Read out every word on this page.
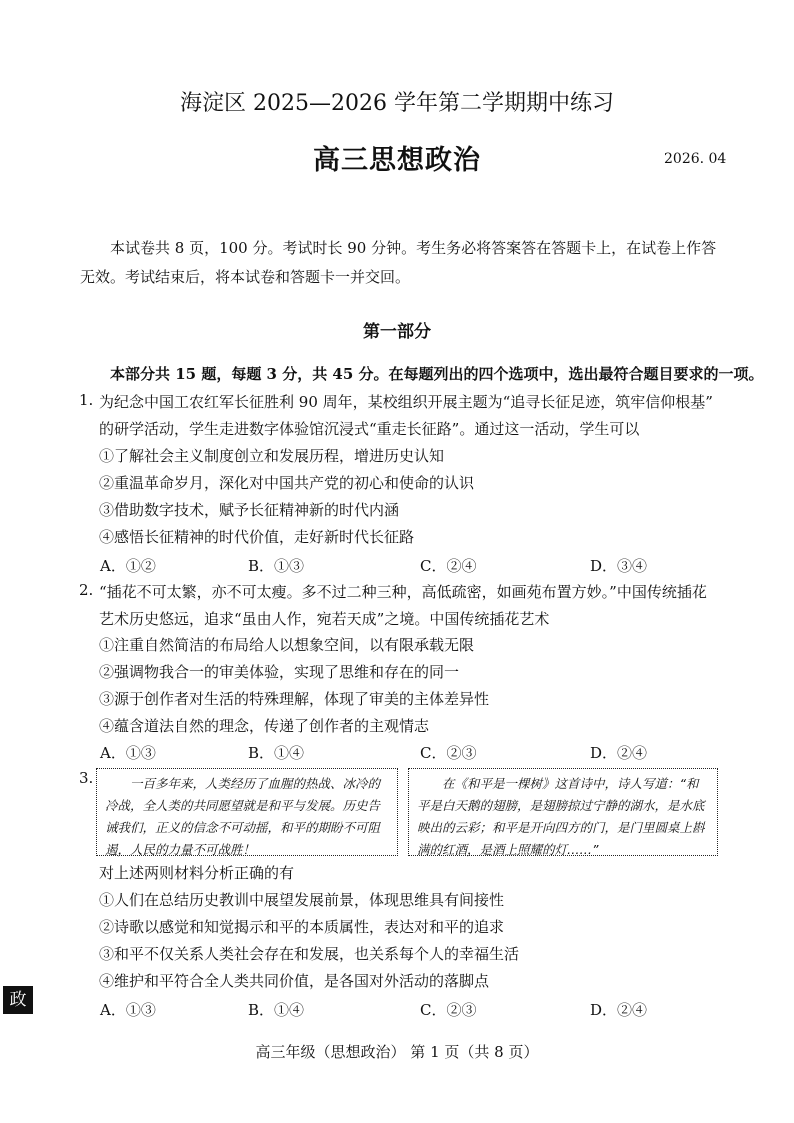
海淀区 2025—2026 学年第二学期期中练习
高三思想政治	2026. 04
本试卷共 8 页，100 分。考试时长 90 分钟。考生务必将答案答在答题卡上，在试卷上作答无效。考试结束后，将本试卷和答题卡一并交回。
第一部分
本部分共 15 题，每题 3 分，共 45 分。在每题列出的四个选项中，选出最符合题目要求的一项。
1. 为纪念中国工农红军长征胜利 90 周年，某校组织开展主题为“追寻长征足迹，筑牢信仰根基”
的研学活动，学生走进数字体验馆沉浸式“重走长征路”。通过这一活动，学生可以
①了解社会主义制度创立和发展历程，增进历史认知
②重温革命岁月，深化对中国共产党的初心和使命的认识
③借助数字技术，赋予长征精神新的时代内涵
④感悟长征精神的时代价值，走好新时代长征路
A．①②	B．①③	C．②④	D．③④
2. “插花不可太繁，亦不可太瘦。多不过二种三种，高低疏密，如画苑布置方妙。”中国传统插花
艺术历史悠远，追求“虽由人作，宛若天成”之境。中国传统插花艺术
①注重自然简洁的布局给人以想象空间，以有限承载无限
②强调物我合一的审美体验，实现了思维和存在的同一
③源于创作者对生活的特殊理解，体现了审美的主体差异性
④蕴含道法自然的理念，传递了创作者的主观情志
A．①③	B．①④	C．②③	D．②④
3.	一百多年来，人类经历了血腥的热战、冰冷的冷战，全人类的共同愿望就是和平与发展。历史告诫我们，正义的信念不可动摇，和平的期盼不可阻遏，人民的力量不可战胜！

在《和平是一棵树》这首诗中，诗人写道：“和平是白天鹅的翅膀，是翅膀掠过宁静的湖水，是水底映出的云彩；和平是开向四方的门，是门里圆桌上斟满的红酒，是酒上照耀的灯……”

对上述两则材料分析正确的有
①人们在总结历史教训中展望发展前景，体现思维具有间接性
②诗歌以感觉和知觉揭示和平的本质属性，表达对和平的追求
③和平不仅关系人类社会存在和发展，也关系每个人的幸福生活
④维护和平符合全人类共同价值，是各国对外活动的落脚点
A．①③	B．①④	C．②③	D．②④
政
高三年级（思想政治） 第 1 页（共 8 页）
